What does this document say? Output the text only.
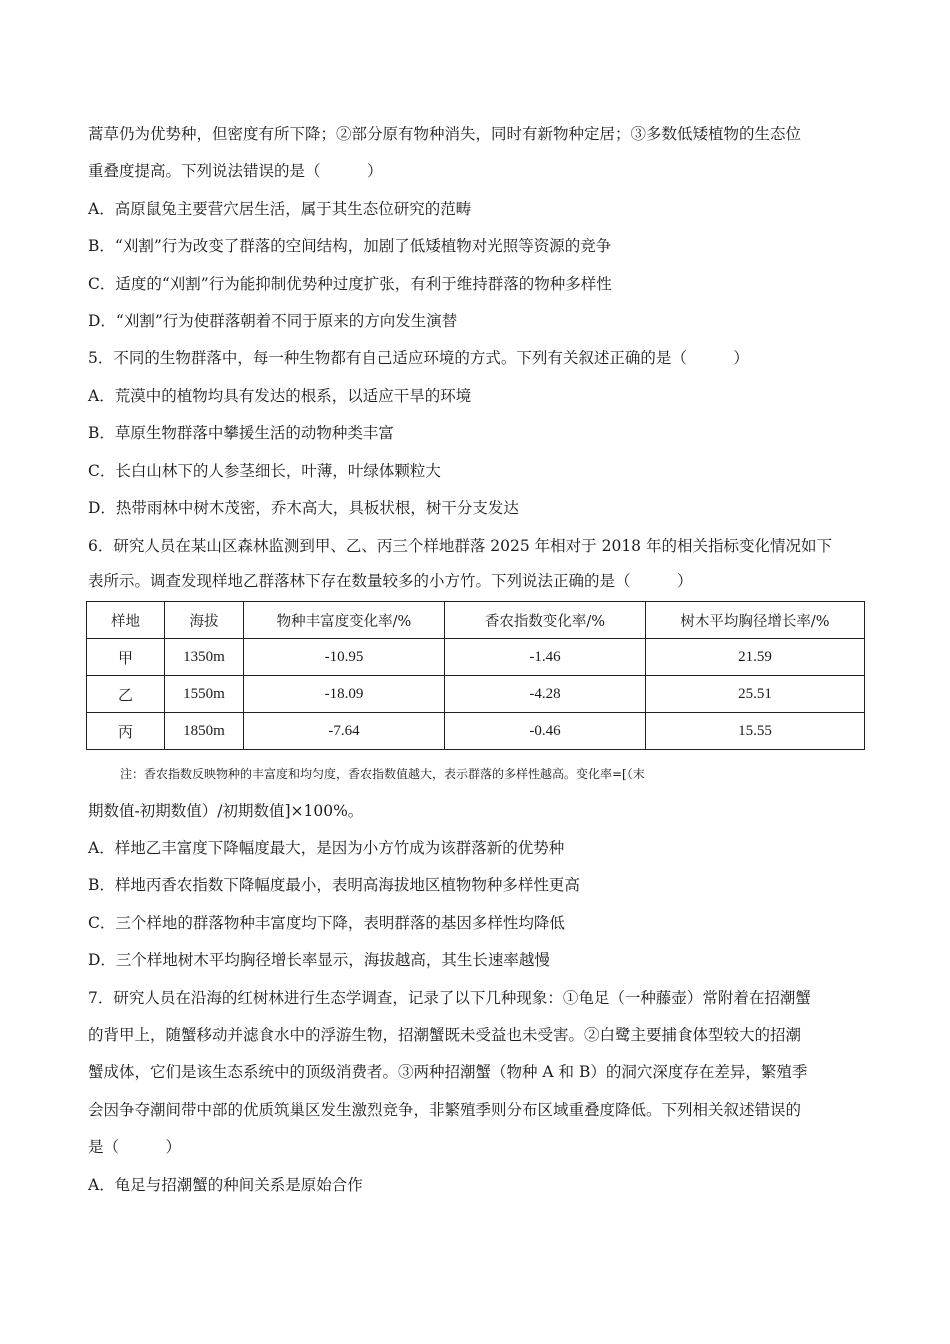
蒿草仍为优势种，但密度有所下降；②部分原有物种消失，同时有新物种定居；③多数低矮植物的生态位
重叠度提高。下列说法错误的是（　　　）
A．高原鼠兔主要营穴居生活，属于其生态位研究的范畴
B．“刈割”行为改变了群落的空间结构，加剧了低矮植物对光照等资源的竞争
C．适度的“刈割”行为能抑制优势种过度扩张，有利于维持群落的物种多样性
D．“刈割”行为使群落朝着不同于原来的方向发生演替
5．不同的生物群落中，每一种生物都有自己适应环境的方式。下列有关叙述正确的是（　　　）
A．荒漠中的植物均具有发达的根系，以适应干旱的环境
B．草原生物群落中攀援生活的动物种类丰富
C．长白山林下的人参茎细长，叶薄，叶绿体颗粒大
D．热带雨林中树木茂密，乔木高大，具板状根，树干分支发达
6．研究人员在某山区森林监测到甲、乙、丙三个样地群落 2025 年相对于 2018 年的相关指标变化情况如下
表所示。调查发现样地乙群落林下存在数量较多的小方竹。下列说法正确的是（　　　）
样地	海拔	物种丰富度变化率/%	香农指数变化率/%	树木平均胸径增长率/%
甲	1350m	-10.95	-1.46	21.59
乙	1550m	-18.09	-4.28	25.51
丙	1850m	-7.64	-0.46	15.55
注：香农指数反映物种的丰富度和均匀度，香农指数值越大，表示群落的多样性越高。变化率=[（末
期数值-初期数值）/初期数值]×100%。
A．样地乙丰富度下降幅度最大，是因为小方竹成为该群落新的优势种
B．样地丙香农指数下降幅度最小，表明高海拔地区植物物种多样性更高
C．三个样地的群落物种丰富度均下降，表明群落的基因多样性均降低
D．三个样地树木平均胸径增长率显示，海拔越高，其生长速率越慢
7．研究人员在沿海的红树林进行生态学调查，记录了以下几种现象：①龟足（一种藤壶）常附着在招潮蟹
的背甲上，随蟹移动并滤食水中的浮游生物，招潮蟹既未受益也未受害。②白鹭主要捕食体型较大的招潮
蟹成体，它们是该生态系统中的顶级消费者。③两种招潮蟹（物种 A 和 B）的洞穴深度存在差异，繁殖季
会因争夺潮间带中部的优质筑巢区发生激烈竞争，非繁殖季则分布区域重叠度降低。下列相关叙述错误的
是（　　　）
A．龟足与招潮蟹的种间关系是原始合作
